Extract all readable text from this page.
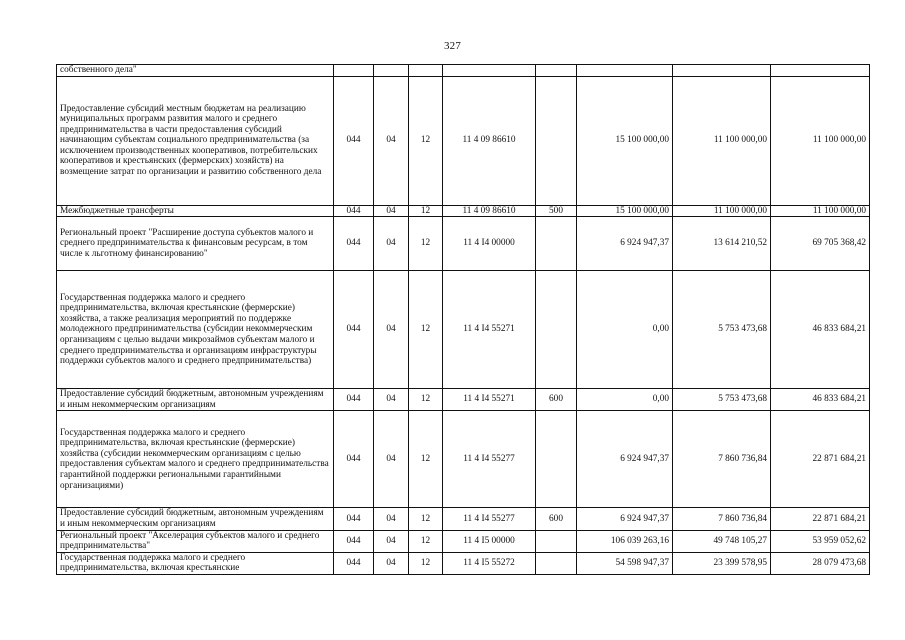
327
собственного дела"								
Предоставление субсидий местным бюджетам на реализацию муниципальных программ развития малого и среднего предпринимательства в части предоставления субсидий начинающим субъектам социального предпринимательства (за исключением производственных кооперативов, потребительских кооперативов и крестьянских (фермерских) хозяйств) на возмещение затрат по организации и развитию собственного дела	044	04	12	11 4 09 86610		15 100 000,00	11 100 000,00	11 100 000,00
Межбюджетные трансферты	044	04	12	11 4 09 86610	500	15 100 000,00	11 100 000,00	11 100 000,00
Региональный проект "Расширение доступа субъектов малого и среднего предпринимательства к финансовым ресурсам, в том числе к льготному финансированию"	044	04	12	11 4 I4 00000		6 924 947,37	13 614 210,52	69 705 368,42
Государственная поддержка малого и среднего предпринимательства, включая крестьянские (фермерские) хозяйства, а также реализация мероприятий по поддержке молодежного предпринимательства (субсидии некоммерческим организациям с целью выдачи микрозаймов субъектам малого и среднего предпринимательства и организациям инфраструктуры поддержки субъектов малого и среднего предпринимательства)	044	04	12	11 4 I4 55271		0,00	5 753 473,68	46 833 684,21
Предоставление субсидий бюджетным, автономным учреждениям и иным некоммерческим организациям	044	04	12	11 4 I4 55271	600	0,00	5 753 473,68	46 833 684,21
Государственная поддержка малого и среднего предпринимательства, включая крестьянские (фермерские) хозяйства (субсидии некоммерческим организациям с целью предоставления субъектам малого и среднего предпринимательства гарантийной поддержки региональными гарантийными организациями)	044	04	12	11 4 I4 55277		6 924 947,37	7 860 736,84	22 871 684,21
Предоставление субсидий бюджетным, автономным учреждениям и иным некоммерческим организациям	044	04	12	11 4 I4 55277	600	6 924 947,37	7 860 736,84	22 871 684,21
Региональный проект "Акселерация субъектов малого и среднего предпринимательства"	044	04	12	11 4 I5 00000		106 039 263,16	49 748 105,27	53 959 052,62
Государственная поддержка малого и среднего предпринимательства, включая крестьянские	044	04	12	11 4 I5 55272		54 598 947,37	23 399 578,95	28 079 473,68
